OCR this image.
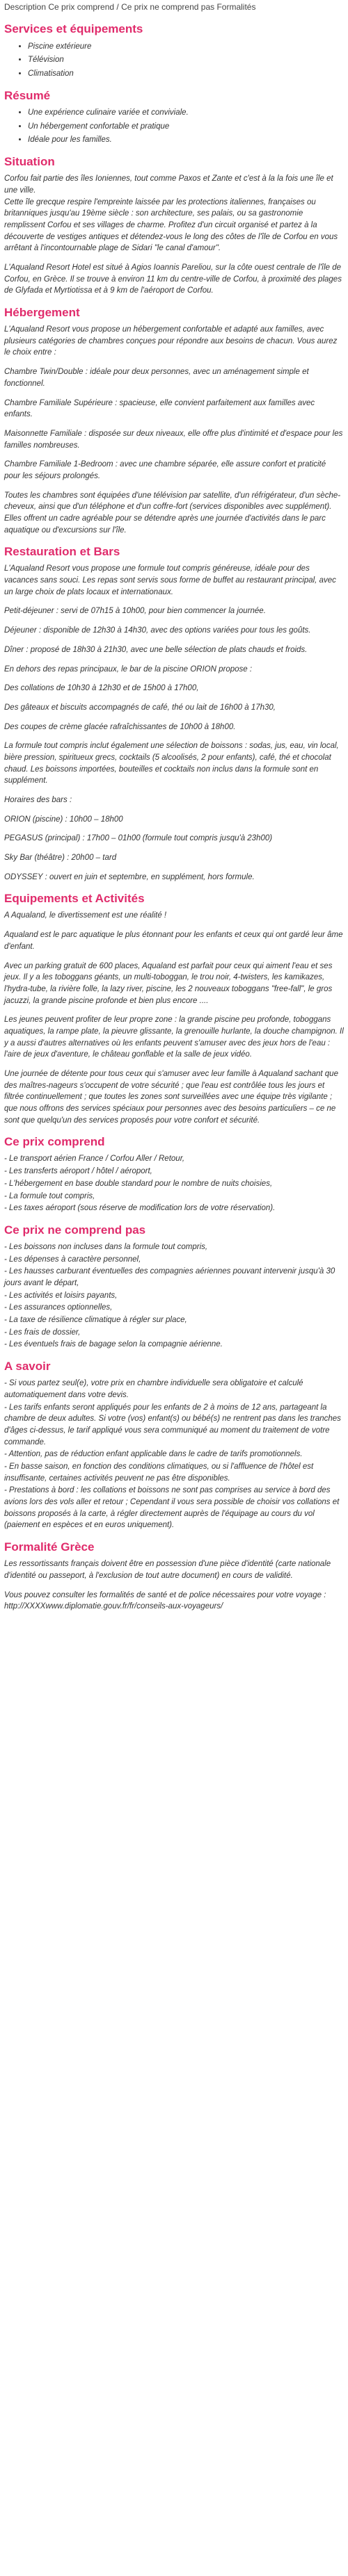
Description Ce prix comprend / Ce prix ne comprend pas Formalités
Services et équipements
• Piscine extérieure
• Télévision
• Climatisation
Résumé
• Une expérience culinaire variée et conviviale.
• Un hébergement confortable et pratique
• Idéale pour les familles.
Situation

Corfou fait partie des îles Ioniennes, tout comme Paxos et Zante et c'est à la la fois une île et une ville.

Cette île grecque respire l'empreinte laissée par les protections italiennes, françaises ou britanniques jusqu'au 19ème siècle : son architecture, ses palais, ou sa gastronomie remplissent Corfou et ses villages de charme. Profitez d'un circuit organisé et partez à la découverte de vestiges antiques et détendez-vous le long des côtes de l'île de Corfou en vous arrêtant à l'incontournable plage de Sidari "le canal d'amour".

L'Aqualand Resort Hotel est situé à Agios Ioannis Pareliou, sur la côte ouest centrale de l'île de Corfou, en Grèce. Il se trouve à environ 11 km du centre-ville de Corfou, à proximité des plages de Glyfada et Myrtiotissa et à 9 km de l'aéroport de Corfou.

Hébergement

L'Aqualand Resort vous propose un hébergement confortable et adapté aux familles, avec plusieurs catégories de chambres conçues pour répondre aux besoins de chacun. Vous aurez le choix entre :

Chambre Twin/Double : idéale pour deux personnes, avec un aménagement simple et fonctionnel.

Chambre Familiale Supérieure : spacieuse, elle convient parfaitement aux familles avec enfants.

Maisonnette Familiale : disposée sur deux niveaux, elle offre plus d'intimité et d'espace pour les familles nombreuses.

Chambre Familiale 1-Bedroom : avec une chambre séparée, elle assure confort et praticité pour les séjours prolongés.

Toutes les chambres sont équipées d'une télévision par satellite, d'un réfrigérateur, d'un sèche-cheveux, ainsi que d'un téléphone et d'un coffre-fort (services disponibles avec supplément). Elles offrent un cadre agréable pour se détendre après une journée d'activités dans le parc aquatique ou d'excursions sur l'île.

Restauration et Bars

L'Aqualand Resort vous propose une formule tout compris généreuse, idéale pour des vacances sans souci. Les repas sont servis sous forme de buffet au restaurant principal, avec un large choix de plats locaux et internationaux.

Petit-déjeuner : servi de 07h15 à 10h00, pour bien commencer la journée.

Déjeuner : disponible de 12h30 à 14h30, avec des options variées pour tous les goûts.

Dîner : proposé de 18h30 à 21h30, avec une belle sélection de plats chauds et froids.

En dehors des repas principaux, le bar de la piscine ORION propose :

Des collations de 10h30 à 12h30 et de 15h00 à 17h00,

Des gâteaux et biscuits accompagnés de café, thé ou lait de 16h00 à 17h30,

Des coupes de crème glacée rafraîchissantes de 10h00 à 18h00.

La formule tout compris inclut également une sélection de boissons : sodas, jus, eau, vin local, bière pression, spiritueux grecs, cocktails (5 alcoolisés, 2 pour enfants), café, thé et chocolat chaud. Les boissons importées, bouteilles et cocktails non inclus dans la formule sont en supplément.

Horaires des bars :

ORION (piscine) : 10h00 – 18h00

PEGASUS (principal) : 17h00 – 01h00 (formule tout compris jusqu'à 23h00)

Sky Bar (théâtre) : 20h00 – tard

ODYSSEY : ouvert en juin et septembre, en supplément, hors formule.

Equipements et Activités

A Aqualand, le divertissement est une réalité !

Aqualand est le parc aquatique le plus étonnant pour les enfants et ceux qui ont gardé leur âme d'enfant.

Avec un parking gratuit de 600 places, Aqualand est parfait pour ceux qui aiment l'eau et ses jeux. Il y a les toboggans géants, un multi-toboggan, le trou noir, 4-twisters, les kamikazes, l'hydra-tube, la rivière folle, la lazy river, piscine, les 2 nouveaux toboggans "free-fall", le gros jacuzzi, la grande piscine profonde et bien plus encore ....

Les jeunes peuvent profiter de leur propre zone : la grande piscine peu profonde, toboggans aquatiques, la rampe plate, la pieuvre glissante, la grenouille hurlante, la douche champignon. Il y a aussi d'autres alternatives où les enfants peuvent s'amuser avec des jeux hors de l'eau : l'aire de jeux d'aventure, le château gonflable et la salle de jeux vidéo.

Une journée de détente pour tous ceux qui s'amuser avec leur famille à Aqualand sachant que des maîtres-nageurs s'occupent de votre sécurité ; que l'eau est contrôlée tous les jours et filtrée continuellement ; que toutes les zones sont surveillées avec une équipe très vigilante ; que nous offrons des services spéciaux pour personnes avec des besoins particuliers – ce ne sont que quelqu'un des services proposés pour votre confort et sécurité.

Ce prix comprend
- Le transport aérien France / Corfou Aller / Retour,
- Les transferts aéroport / hôtel / aéroport,
- L'hébergement en base double standard pour le nombre de nuits choisies,
- La formule tout compris,
- Les taxes aéroport (sous réserve de modification lors de votre réservation).
Ce prix ne comprend pas
- Les boissons non incluses dans la formule tout compris,
- Les dépenses à caractère personnel,
- Les hausses carburant éventuelles des compagnies aériennes pouvant intervenir jusqu'à 30 jours avant le départ,
- Les activités et loisirs payants,
- Les assurances optionnelles,
- La taxe de résilience climatique à régler sur place,
- Les frais de dossier,
- Les éventuels frais de bagage selon la compagnie aérienne.
A savoir
- Si vous partez seul(e), votre prix en chambre individuelle sera obligatoire et calculé automatiquement dans votre devis.
- Les tarifs enfants seront appliqués pour les enfants de 2 à moins de 12 ans, partageant la chambre de deux adultes. Si votre (vos) enfant(s) ou bébé(s) ne rentrent pas dans les tranches d'âges ci-dessus, le tarif appliqué vous sera communiqué au moment du traitement de votre commande.
- Attention, pas de réduction enfant applicable dans le cadre de tarifs promotionnels.
- En basse saison, en fonction des conditions climatiques, ou si l'affluence de l'hôtel est insuffisante, certaines activités peuvent ne pas être disponibles.
- Prestations à bord : les collations et boissons ne sont pas comprises au service à bord des avions lors des vols aller et retour ; Cependant il vous sera possible de choisir vos collations et boissons proposés à la carte, à régler directement auprès de l'équipage au cours du vol (paiement en espèces et en euros uniquement).
Formalité Grèce

Les ressortissants français doivent être en possession d'une pièce d'identité (carte nationale d'identité ou passeport, à l'exclusion de tout autre document) en cours de validité.

Vous pouvez consulter les formalités de santé et de police nécessaires pour votre voyage : http://XXXXwww.diplomatie.gouv.fr/fr/conseils-aux-voyageurs/
